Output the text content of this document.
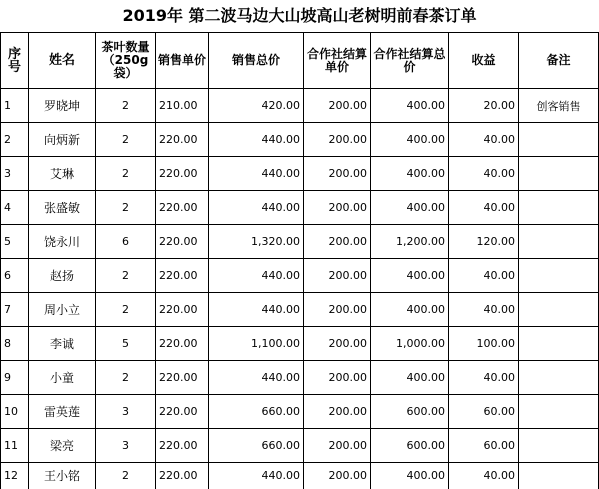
2019年 第二波马边大山坡高山老树明前春茶订单
序号	姓名	茶叶数量（250g袋）	销售单价	销售总价	合作社结算单价	合作社结算总价	收益	备注
1	罗晓坤	2	210.00	420.00	200.00	400.00	20.00	创客销售
2	向炳新	2	220.00	440.00	200.00	400.00	40.00	
3	艾琳	2	220.00	440.00	200.00	400.00	40.00	
4	张盛敏	2	220.00	440.00	200.00	400.00	40.00	
5	饶永川	6	220.00	1,320.00	200.00	1,200.00	120.00	
6	赵扬	2	220.00	440.00	200.00	400.00	40.00	
7	周小立	2	220.00	440.00	200.00	400.00	40.00	
8	李诚	5	220.00	1,100.00	200.00	1,000.00	100.00	
9	小童	2	220.00	440.00	200.00	400.00	40.00	
10	雷英莲	3	220.00	660.00	200.00	600.00	60.00	
11	梁亮	3	220.00	660.00	200.00	600.00	60.00	
12	王小铭	2	220.00	440.00	200.00	400.00	40.00	
